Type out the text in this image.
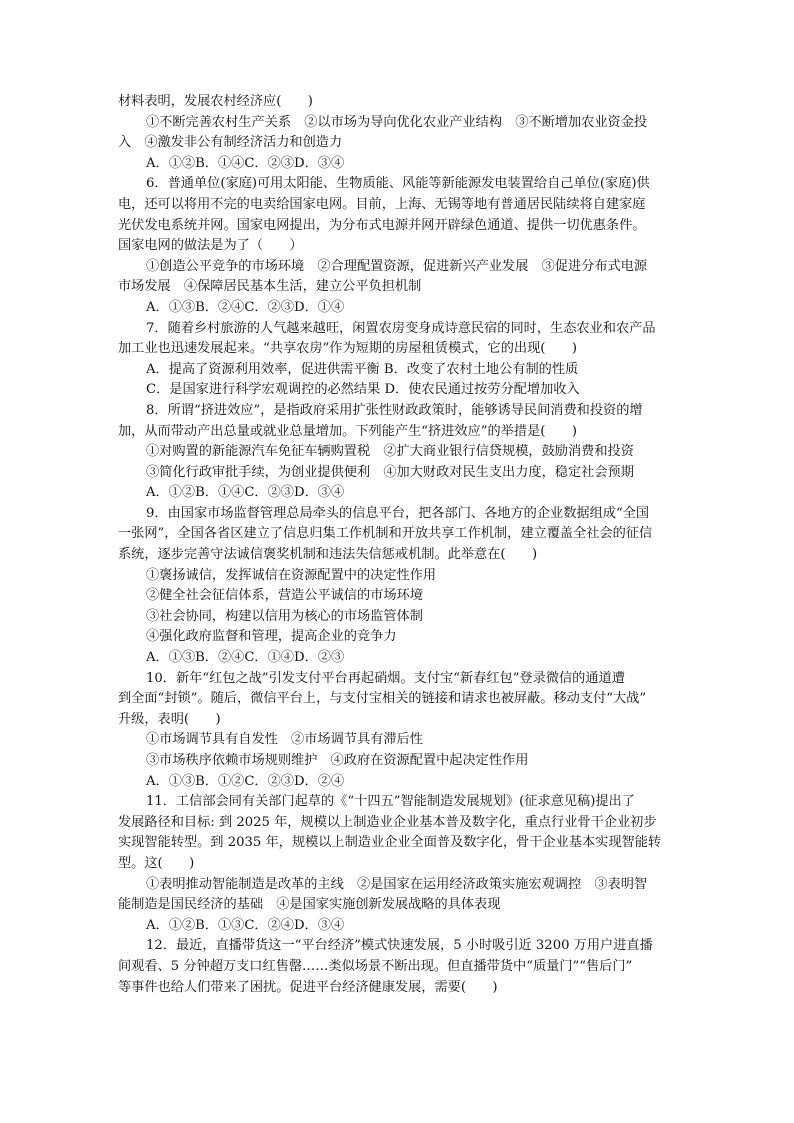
材料表明，发展农村经济应(　　)
①不断完善农村生产关系　②以市场为导向优化农业产业结构　③不断增加农业资金投
入　④激发非公有制经济活力和创造力
A．①②B．①④C．②③D．③④
6．普通单位(家庭)可用太阳能、生物质能、风能等新能源发电装置给自己单位(家庭)供
电，还可以将用不完的电卖给国家电网。目前，上海、无锡等地有普通居民陆续将自建家庭
光伏发电系统并网。国家电网提出，为分布式电源并网开辟绿色通道、提供一切优惠条件。
国家电网的做法是为了（　　）
①创造公平竞争的市场环境　②合理配置资源，促进新兴产业发展　③促进分布式电源
市场发展　④保障居民基本生活，建立公平负担机制
A．①③B．②④C．②③D．①④
7．随着乡村旅游的人气越来越旺，闲置农房变身成诗意民宿的同时，生态农业和农产品
加工业也迅速发展起来。“共享农房”作为短期的房屋租赁模式，它的出现(　　)
A．提高了资源利用效率，促进供需平衡 B．改变了农村土地公有制的性质
C．是国家进行科学宏观调控的必然结果 D．使农民通过按劳分配增加收入
8．所谓“挤进效应”，是指政府采用扩张性财政政策时，能够诱导民间消费和投资的增
加，从而带动产出总量或就业总量增加。下列能产生“挤进效应”的举措是(　　)
①对购置的新能源汽车免征车辆购置税　②扩大商业银行信贷规模，鼓励消费和投资
③简化行政审批手续，为创业提供便利　④加大财政对民生支出力度，稳定社会预期
A．①②B．①④C．②③D．③④
9．由国家市场监督管理总局牵头的信息平台，把各部门、各地方的企业数据组成“全国
一张网”，全国各省区建立了信息归集工作机制和开放共享工作机制，建立覆盖全社会的征信
系统，逐步完善守法诚信褒奖机制和违法失信惩戒机制。此举意在(　　)
①褒扬诚信，发挥诚信在资源配置中的决定性作用
②健全社会征信体系，营造公平诚信的市场环境
③社会协同，构建以信用为核心的市场监管体制
④强化政府监督和管理，提高企业的竞争力
A．①③B．②④C．①④D．②③
10．新年“红包之战”引发支付平台再起硝烟。支付宝“新春红包”登录微信的通道遭
到全面“封锁”。随后，微信平台上，与支付宝相关的链接和请求也被屏蔽。移动支付“大战”
升级，表明(　　)
①市场调节具有自发性　②市场调节具有滞后性
③市场秩序依赖市场规则维护　④政府在资源配置中起决定性作用
A．①③B．①②C．②③D．②④
11．工信部会同有关部门起草的《“十四五”智能制造发展规划》(征求意见稿)提出了
发展路径和目标: 到 2025 年，规模以上制造业企业基本普及数字化，重点行业骨干企业初步
实现智能转型。到 2035 年，规模以上制造业企业全面普及数字化，骨干企业基本实现智能转
型。这(　　)
①表明推动智能制造是改革的主线　②是国家在运用经济政策实施宏观调控　③表明智
能制造是国民经济的基础　④是国家实施创新发展战略的具体表现
A．①②B．①③C．②④D．③④
12．最近，直播带货这一“平台经济”模式快速发展，5 小时吸引近 3200 万用户进直播
间观看、5 分钟超万支口红售罄……类似场景不断出现。但直播带货中“质量门”“售后门”
等事件也给人们带来了困扰。促进平台经济健康发展，需要(　　)
